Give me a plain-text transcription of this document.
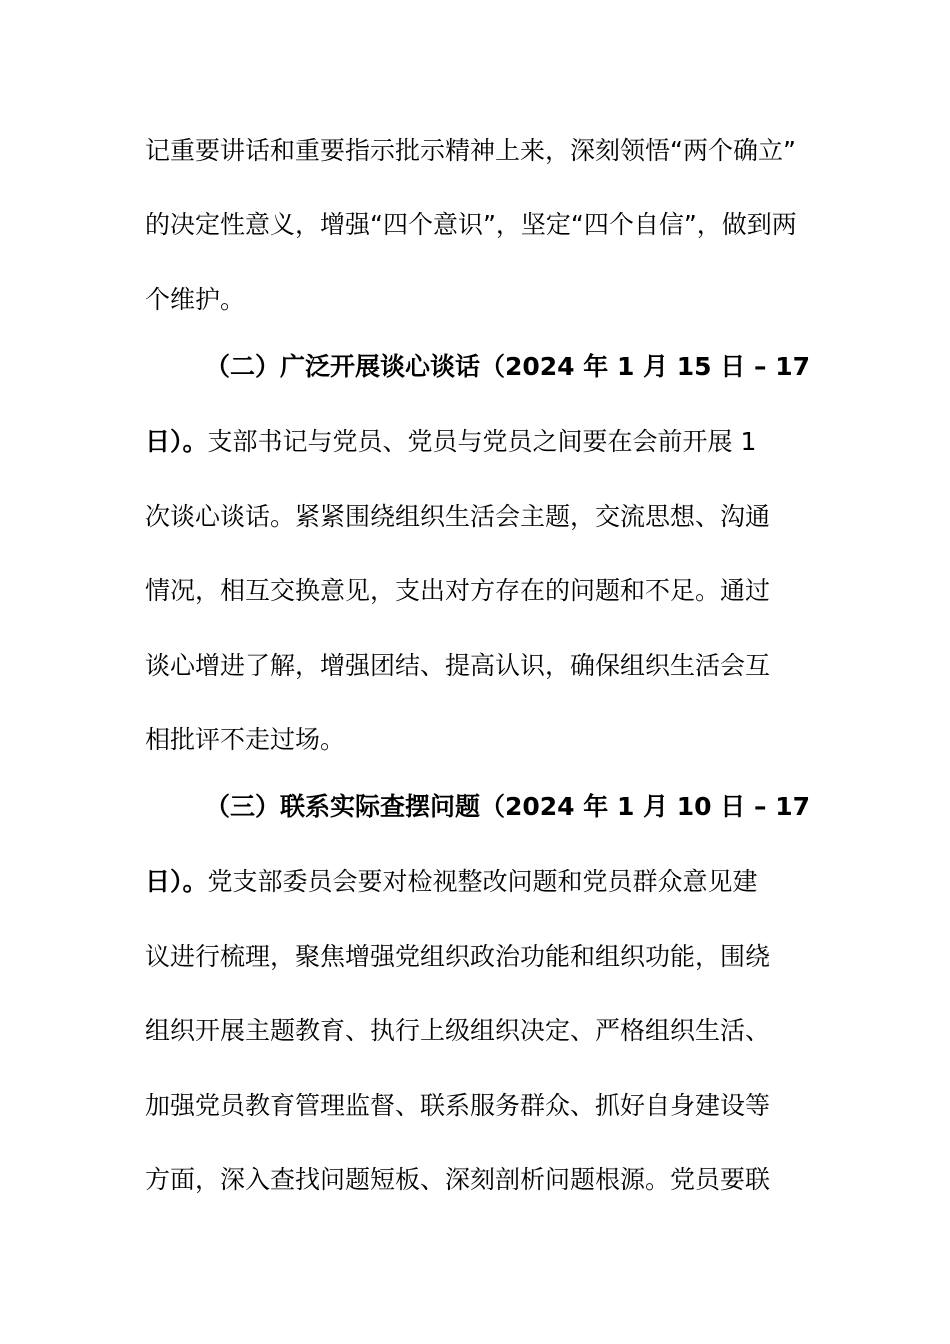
记重要讲话和重要指示批示精神上来，深刻领悟“两个确立”
的决定性意义，增强“四个意识”，坚定“四个自信”，做到两
个维护。
（二）广泛开展谈心谈话（2024 年 1 月 15 日 – 17
日）。支部书记与党员、党员与党员之间要在会前开展 1
次谈心谈话。紧紧围绕组织生活会主题，交流思想、沟通
情况，相互交换意见，支出对方存在的问题和不足。通过
谈心增进了解，增强团结、提高认识，确保组织生活会互
相批评不走过场。
（三）联系实际查摆问题（2024 年 1 月 10 日 – 17
日）。党支部委员会要对检视整改问题和党员群众意见建
议进行梳理，聚焦增强党组织政治功能和组织功能，围绕
组织开展主题教育、执行上级组织决定、严格组织生活、
加强党员教育管理监督、联系服务群众、抓好自身建设等
方面，深入查找问题短板、深刻剖析问题根源。党员要联
